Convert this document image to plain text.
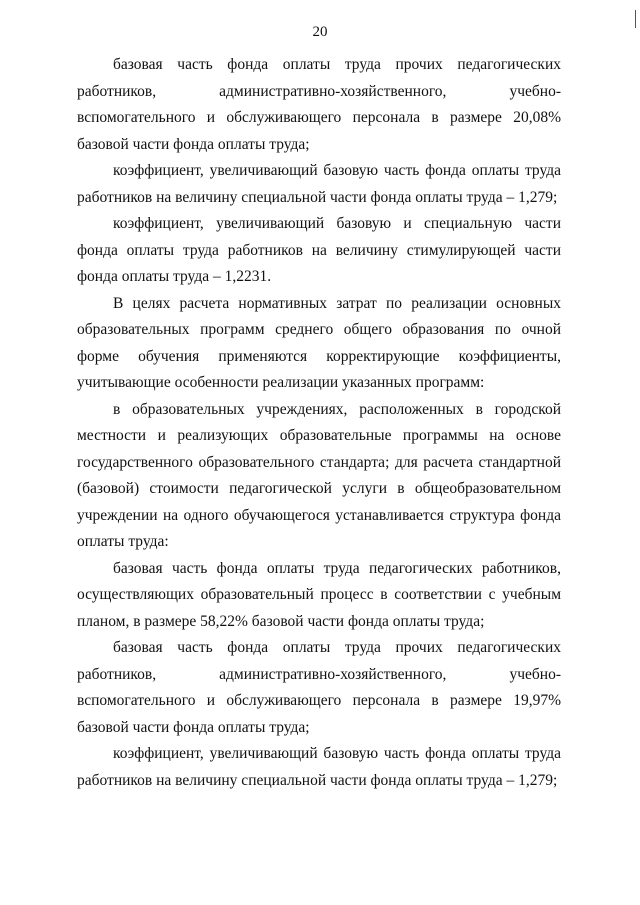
20

базовая часть фонда оплаты труда прочих педагогических работников, административно-хозяйственного, учебно-вспомогательного и обслуживающего персонала в размере 20,08% базовой части фонда оплаты труда;

коэффициент, увеличивающий базовую часть фонда оплаты труда работников на величину специальной части фонда оплаты труда – 1,279;

коэффициент, увеличивающий базовую и специальную части фонда оплаты труда работников на величину стимулирующей части фонда оплаты труда – 1,2231.

В целях расчета нормативных затрат по реализации основных образовательных программ среднего общего образования по очной форме обучения применяются корректирующие коэффициенты, учитывающие особенности реализации указанных программ:

в образовательных учреждениях, расположенных в городской местности и реализующих образовательные программы на основе государственного образовательного стандарта; для расчета стандартной (базовой) стоимости педагогической услуги в общеобразовательном учреждении на одного обучающегося устанавливается структура фонда оплаты труда:

базовая часть фонда оплаты труда педагогических работников, осуществляющих образовательный процесс в соответствии с учебным планом, в размере 58,22% базовой части фонда оплаты труда;

базовая часть фонда оплаты труда прочих педагогических работников, административно-хозяйственного, учебно-вспомогательного и обслуживающего персонала в размере 19,97% базовой части фонда оплаты труда;

коэффициент, увеличивающий базовую часть фонда оплаты труда работников на величину специальной части фонда оплаты труда – 1,279;
